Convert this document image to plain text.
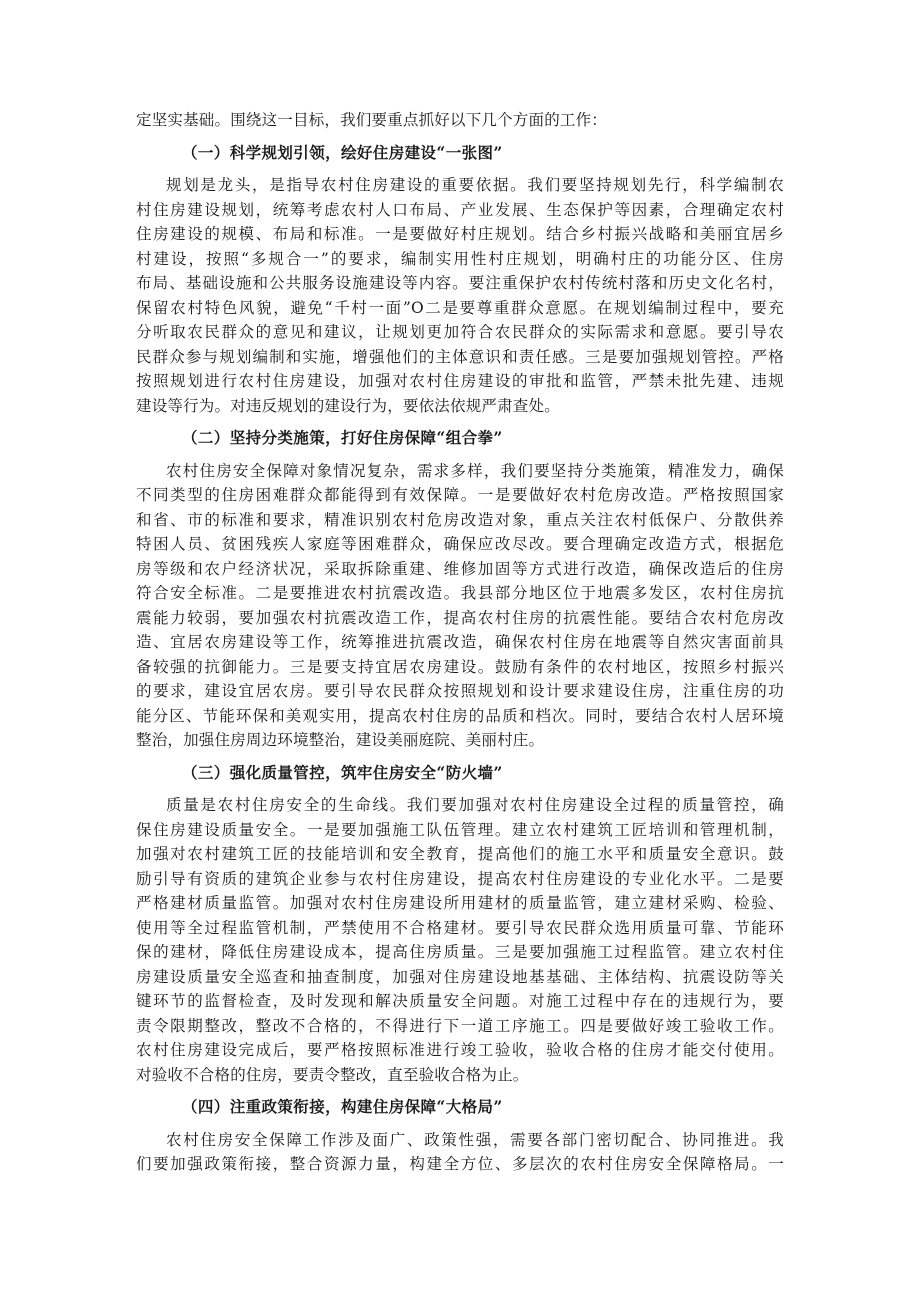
定坚实基础。围绕这一目标，我们要重点抓好以下几个方面的工作：
（一）科学规划引领，绘好住房建设“一张图”
规划是龙头，是指导农村住房建设的重要依据。我们要坚持规划先行，科学编制农
村住房建设规划，统筹考虑农村人口布局、产业发展、生态保护等因素，合理确定农村
住房建设的规模、布局和标准。一是要做好村庄规划。结合乡村振兴战略和美丽宜居乡
村建设，按照“多规合一”的要求，编制实用性村庄规划，明确村庄的功能分区、住房
布局、基础设施和公共服务设施建设等内容。要注重保护农村传统村落和历史文化名村，
保留农村特色风貌，避免“千村一面”O二是要尊重群众意愿。在规划编制过程中，要充
分听取农民群众的意见和建议，让规划更加符合农民群众的实际需求和意愿。要引导农
民群众参与规划编制和实施，增强他们的主体意识和责任感。三是要加强规划管控。严格
按照规划进行农村住房建设，加强对农村住房建设的审批和监管，严禁未批先建、违规
建设等行为。对违反规划的建设行为，要依法依规严肃查处。
（二）坚持分类施策，打好住房保障“组合拳”
农村住房安全保障对象情况复杂，需求多样，我们要坚持分类施策，精准发力，确保
不同类型的住房困难群众都能得到有效保障。一是要做好农村危房改造。严格按照国家
和省、市的标准和要求，精准识别农村危房改造对象，重点关注农村低保户、分散供养
特困人员、贫困残疾人家庭等困难群众，确保应改尽改。要合理确定改造方式，根据危
房等级和农户经济状况，采取拆除重建、维修加固等方式进行改造，确保改造后的住房
符合安全标准。二是要推进农村抗震改造。我县部分地区位于地震多发区，农村住房抗
震能力较弱，要加强农村抗震改造工作，提高农村住房的抗震性能。要结合农村危房改
造、宜居农房建设等工作，统筹推进抗震改造，确保农村住房在地震等自然灾害面前具
备较强的抗御能力。三是要支持宜居农房建设。鼓励有条件的农村地区，按照乡村振兴
的要求，建设宜居农房。要引导农民群众按照规划和设计要求建设住房，注重住房的功
能分区、节能环保和美观实用，提高农村住房的品质和档次。同时，要结合农村人居环境
整治，加强住房周边环境整治，建设美丽庭院、美丽村庄。
（三）强化质量管控，筑牢住房安全“防火墙”
质量是农村住房安全的生命线。我们要加强对农村住房建设全过程的质量管控，确
保住房建设质量安全。一是要加强施工队伍管理。建立农村建筑工匠培训和管理机制，
加强对农村建筑工匠的技能培训和安全教育，提高他们的施工水平和质量安全意识。鼓
励引导有资质的建筑企业参与农村住房建设，提高农村住房建设的专业化水平。二是要
严格建材质量监管。加强对农村住房建设所用建材的质量监管，建立建材采购、检验、
使用等全过程监管机制，严禁使用不合格建材。要引导农民群众选用质量可靠、节能环
保的建材，降低住房建设成本，提高住房质量。三是要加强施工过程监管。建立农村住
房建设质量安全巡查和抽查制度，加强对住房建设地基基础、主体结构、抗震设防等关
键环节的监督检查，及时发现和解决质量安全问题。对施工过程中存在的违规行为，要
责令限期整改，整改不合格的，不得进行下一道工序施工。四是要做好竣工验收工作。
农村住房建设完成后，要严格按照标准进行竣工验收，验收合格的住房才能交付使用。
对验收不合格的住房，要责令整改，直至验收合格为止。
（四）注重政策衔接，构建住房保障“大格局”
农村住房安全保障工作涉及面广、政策性强，需要各部门密切配合、协同推进。我
们要加强政策衔接，整合资源力量，构建全方位、多层次的农村住房安全保障格局。一
